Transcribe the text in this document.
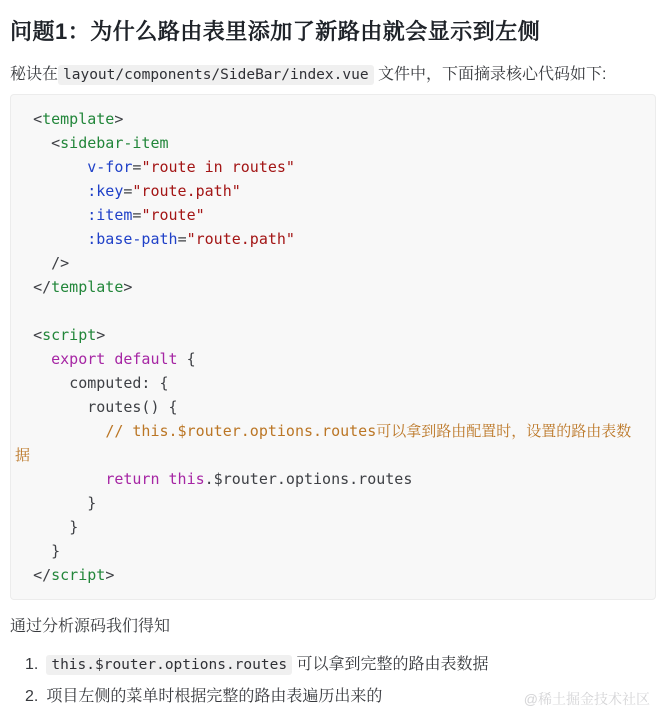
问题1：为什么路由表里添加了新路由就会显示到左侧

秘诀在 layout/components/SideBar/index.vue 文件中，下面摘录核心代码如下:

<template>
<sidebar-item
v-for="route in routes"
:key="route.path"
:item="route"
:base-path="route.path"
/>
</template>
<script>
export default {
computed: {
routes() {
// this.$router.options.routes可以拿到路由配置时，设置的路由表数据
return this.$router.options.routes
}
}
}
</script>

通过分析源码我们得知

1. this.$router.options.routes 可以拿到完整的路由表数据
2. 项目左侧的菜单时根据完整的路由表遍历出来的	@稀土掘金技术社区
